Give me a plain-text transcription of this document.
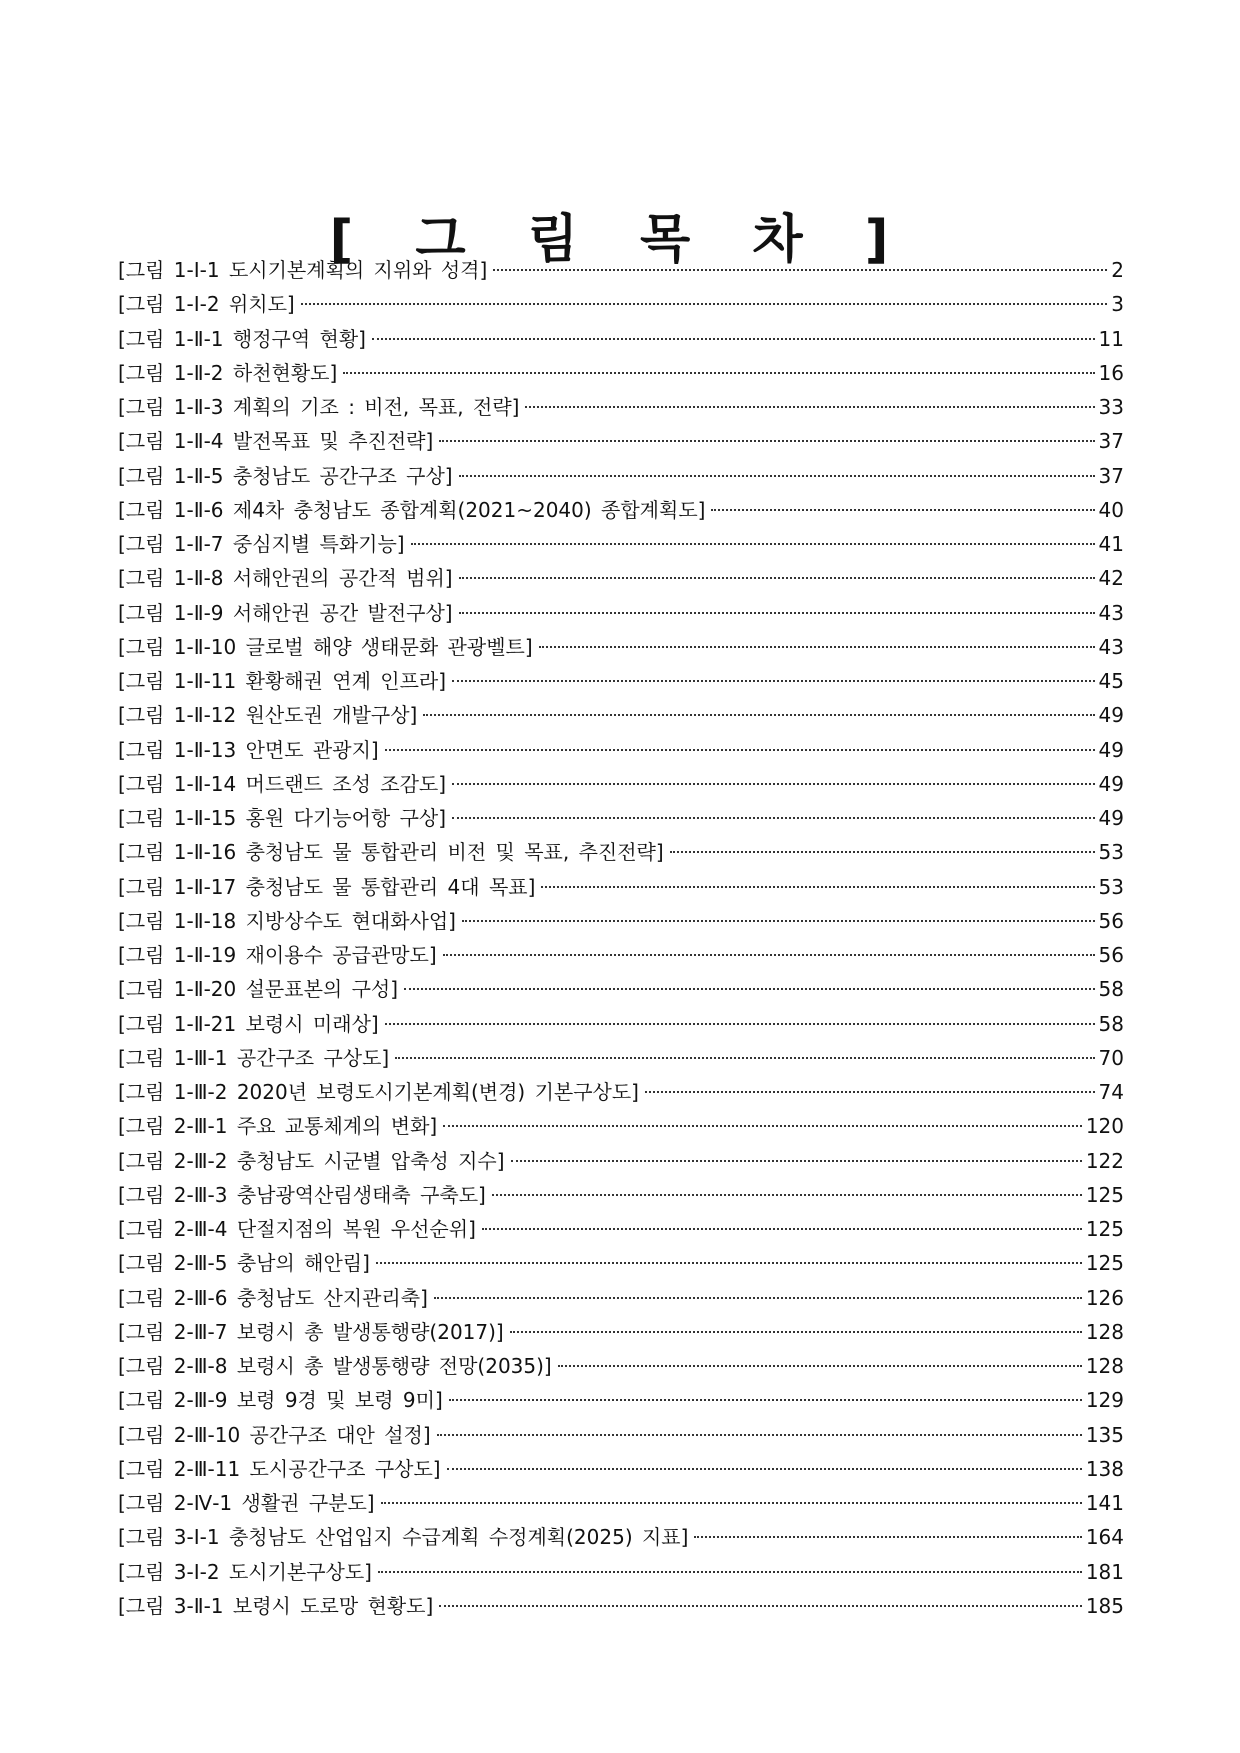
[ 그 림 목 차 ]
[그림 1-Ⅰ-1 도시기본계획의 지위와 성격]	2
[그림 1-Ⅰ-2 위치도]	3
[그림 1-Ⅱ-1 행정구역 현황]	11
[그림 1-Ⅱ-2 하천현황도]	16
[그림 1-Ⅱ-3 계획의 기조 : 비전, 목표, 전략]	33
[그림 1-Ⅱ-4 발전목표 및 추진전략]	37
[그림 1-Ⅱ-5 충청남도 공간구조 구상]	37
[그림 1-Ⅱ-6 제4차 충청남도 종합계획(2021~2040) 종합계획도]	40
[그림 1-Ⅱ-7 중심지별 특화기능]	41
[그림 1-Ⅱ-8 서해안권의 공간적 범위]	42
[그림 1-Ⅱ-9 서해안권 공간 발전구상]	43
[그림 1-Ⅱ-10 글로벌 해양 생태문화 관광벨트]	43
[그림 1-Ⅱ-11 환황해권 연계 인프라]	45
[그림 1-Ⅱ-12 원산도권 개발구상]	49
[그림 1-Ⅱ-13 안면도 관광지]	49
[그림 1-Ⅱ-14 머드랜드 조성 조감도]	49
[그림 1-Ⅱ-15 홍원 다기능어항 구상]	49
[그림 1-Ⅱ-16 충청남도 물 통합관리 비전 및 목표, 추진전략]	53
[그림 1-Ⅱ-17 충청남도 물 통합관리 4대 목표]	53
[그림 1-Ⅱ-18 지방상수도 현대화사업]	56
[그림 1-Ⅱ-19 재이용수 공급관망도]	56
[그림 1-Ⅱ-20 설문표본의 구성]	58
[그림 1-Ⅱ-21 보령시 미래상]	58
[그림 1-Ⅲ-1 공간구조 구상도]	70
[그림 1-Ⅲ-2 2020년 보령도시기본계획(변경) 기본구상도]	74
[그림 2-Ⅲ-1 주요 교통체계의 변화]	120
[그림 2-Ⅲ-2 충청남도 시군별 압축성 지수]	122
[그림 2-Ⅲ-3 충남광역산림생태축 구축도]	125
[그림 2-Ⅲ-4 단절지점의 복원 우선순위]	125
[그림 2-Ⅲ-5 충남의 해안림]	125
[그림 2-Ⅲ-6 충청남도 산지관리축]	126
[그림 2-Ⅲ-7 보령시 총 발생통행량(2017)]	128
[그림 2-Ⅲ-8 보령시 총 발생통행량 전망(2035)]	128
[그림 2-Ⅲ-9 보령 9경 및 보령 9미]	129
[그림 2-Ⅲ-10 공간구조 대안 설정]	135
[그림 2-Ⅲ-11 도시공간구조 구상도]	138
[그림 2-Ⅳ-1 생활권 구분도]	141
[그림 3-Ⅰ-1 충청남도 산업입지 수급계획 수정계획(2025) 지표]	164
[그림 3-Ⅰ-2 도시기본구상도]	181
[그림 3-Ⅱ-1 보령시 도로망 현황도]	185
